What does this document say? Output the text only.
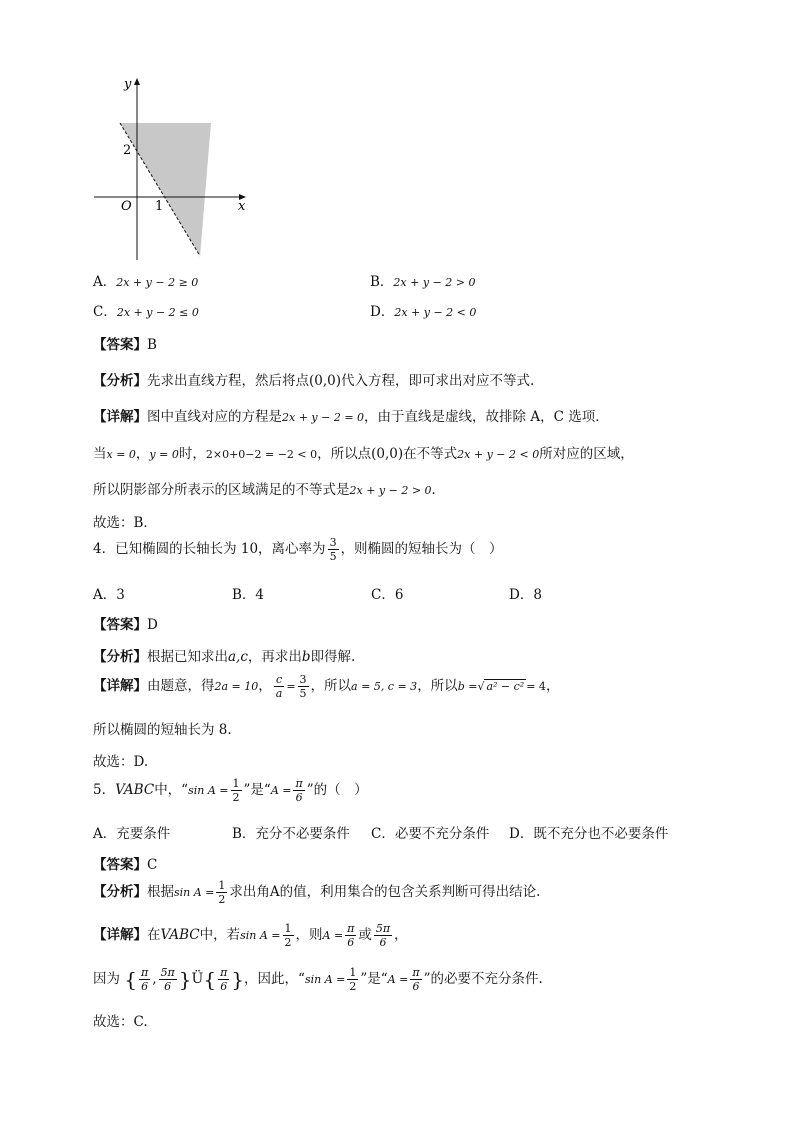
y
x
O 1
2
A．2x + y − 2 ≥ 0	B．2x + y − 2 > 0
C．2x + y − 2 ≤ 0	D．2x + y − 2 < 0
【答案】B
【分析】先求出直线方程，然后将点(0,0)代入方程，即可求出对应不等式.
【详解】图中直线对应的方程是2x + y − 2 = 0，由于直线是虚线，故排除 A，C 选项．
当x = 0，y = 0时，2×0+0−2 = −2 < 0，所以点(0,0)在不等式2x + y − 2 < 0所对应的区域，
所以阴影部分所表示的区域满足的不等式是2x + y − 2 > 0．
故选：B．
4．已知椭圆的长轴长为 10，离心率为 $\frac{3}{5}$ ，则椭圆的短轴长为（　）
A．3	B．4	C．6	D．8
【答案】D
【分析】根据已知求出a,c，再求出b即得解.
【详解】由题意，得2a = 10， $\frac{c}{a} = \frac{3}{5}$ ，所以a = 5, c = 3，所以b =√ a² − c² = 4，
所以椭圆的短轴长为 8.
故选：D.
5．VABC中，“sin $A = \frac{1}{2}$ ”是“$A = \frac{\pi}{6}$ ”的（　）
A．充要条件	B．充分不必要条件 C．必要不充分条件 D．既不充分也不必要条件
【答案】C
【分析】根据$\sin A = \frac{1}{2}$ 求出角A的值，利用集合的包含关系判断可得出结论.
【详解】在VABC中，若$\sin A = \frac{1}{2}$ ，则$A = \frac{\pi}{6}$ 或 $\frac{5\pi}{6}$ ，
因为 { $\frac{\pi}{6}$ , $\frac{5\pi}{6}$ }Ü{ $\frac{\pi}{6}$ }，因此，“sin $A = \frac{1}{2}$ ”是“$A = \frac{\pi}{6}$ ”的必要不充分条件.
故选：C.
